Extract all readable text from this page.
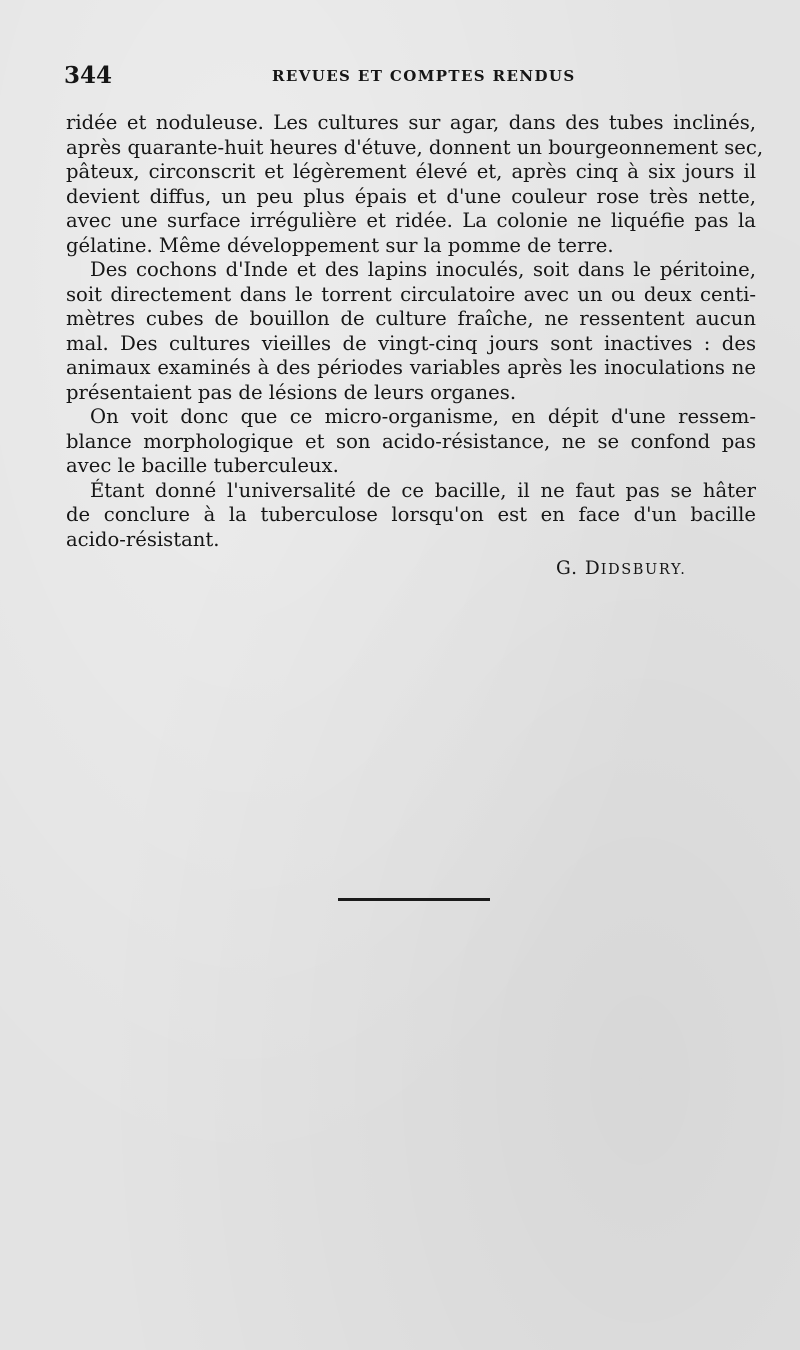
344	REVUES ET COMPTES RENDUS
ridée et noduleuse. Les cultures sur agar, dans des tubes inclinés,
après quarante-huit heures d'étuve, donnent un bourgeonnement sec,
pâteux, circonscrit et légèrement élevé et, après cinq à six jours il
devient diffus, un peu plus épais et d'une couleur rose très nette,
avec une surface irrégulière et ridée. La colonie ne liquéfie pas la
gélatine. Même développement sur la pomme de terre.
Des cochons d'Inde et des lapins inoculés, soit dans le péritoine,
soit directement dans le torrent circulatoire avec un ou deux centi-
mètres cubes de bouillon de culture fraîche, ne ressentent aucun
mal. Des cultures vieilles de vingt-cinq jours sont inactives : des
animaux examinés à des périodes variables après les inoculations ne
présentaient pas de lésions de leurs organes.
On voit donc que ce micro-organisme, en dépit d'une ressem-
blance morphologique et son acido-résistance, ne se confond pas
avec le bacille tuberculeux.
Étant donné l'universalité de ce bacille, il ne faut pas se hâter
de conclure à la tuberculose lorsqu'on est en face d'un bacille
acido-résistant.
G. DIDSBURY.
